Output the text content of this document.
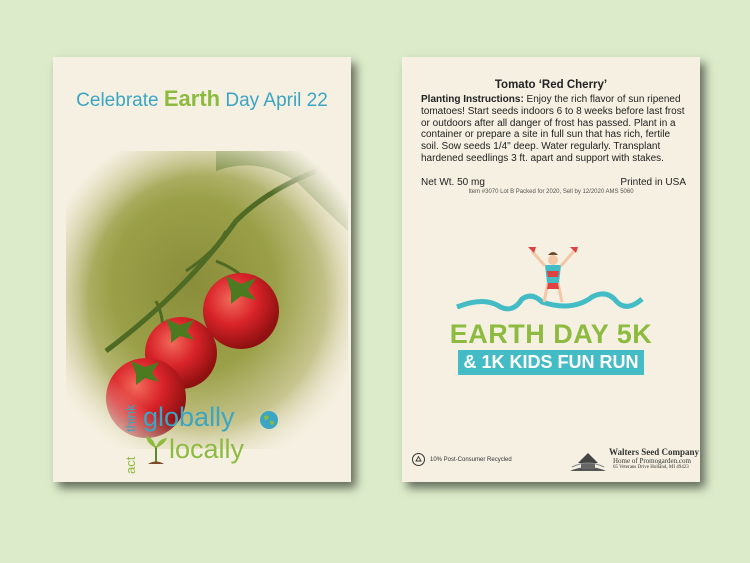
Celebrate Earth Day April 22
think globally
act
locally
Tomato ‘Red Cherry’
Planting Instructions: Enjoy the rich flavor of sun ripened tomatoes! Start seeds indoors 6 to 8 weeks before last frost or outdoors after all danger of frost has passed. Plant in a container or prepare a site in full sun that has rich, fertile soil. Sow seeds 1/4" deep. Water regularly. Transplant hardened seedlings 3 ft. apart and support with stakes.
Net Wt. 50 mg	Printed in USA
Item #3070 Lot B Packed for 2020, Sell by 12/2020 AMS 5060
EARTH DAY 5K
& 1K KIDS FUN RUN
10% Post-Consumer Recycled
Walters Seed Company
Home of Promogarden.com
65 Veterans Drive Holland, MI 49423
